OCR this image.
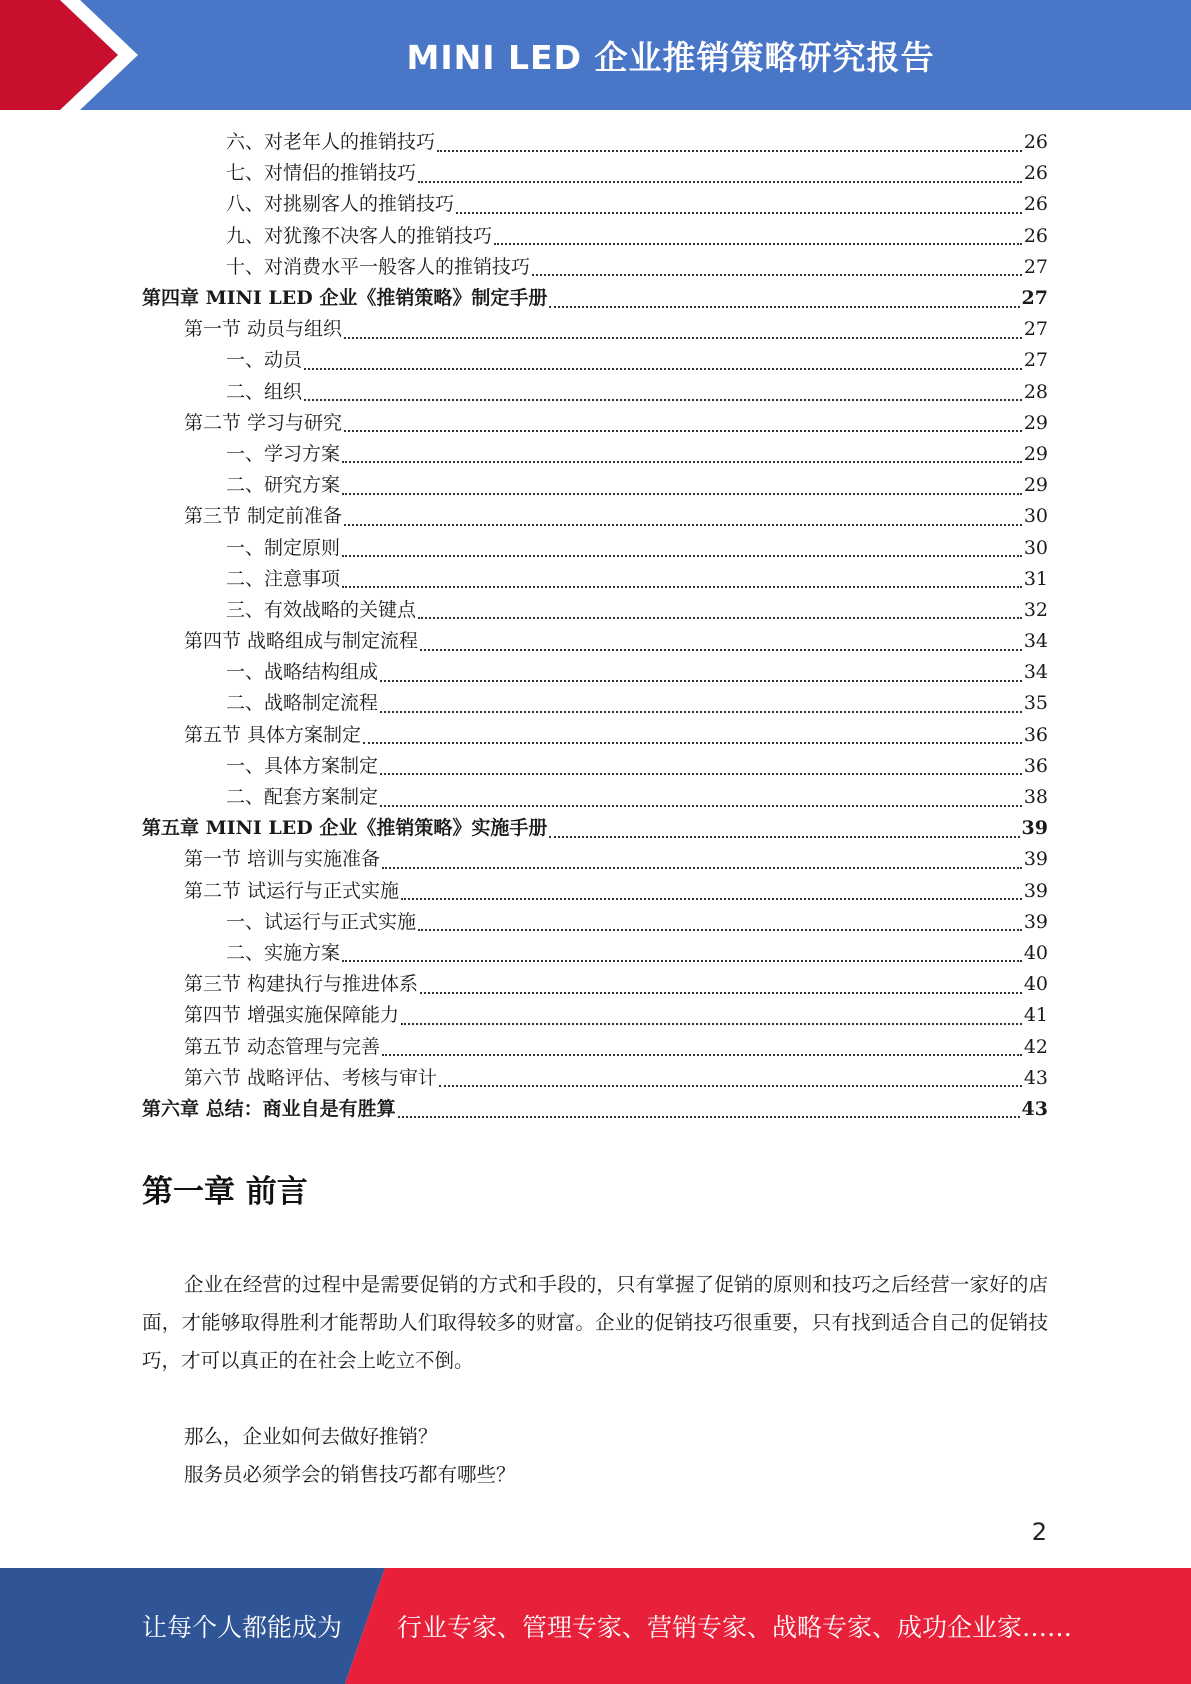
MINI LED 企业推销策略研究报告
六、对老年人的推销技巧	26
七、对情侣的推销技巧	26
八、对挑剔客人的推销技巧	26
九、对犹豫不决客人的推销技巧	26
十、对消费水平一般客人的推销技巧	27
第四章 MINI LED 企业《推销策略》制定手册	27
第一节 动员与组织	27
一、动员	27
二、组织	28
第二节 学习与研究	29
一、学习方案	29
二、研究方案	29
第三节 制定前准备	30
一、制定原则	30
二、注意事项	31
三、有效战略的关键点	32
第四节 战略组成与制定流程	34
一、战略结构组成	34
二、战略制定流程	35
第五节 具体方案制定	36
一、具体方案制定	36
二、配套方案制定	38
第五章 MINI LED 企业《推销策略》实施手册	39
第一节 培训与实施准备	39
第二节 试运行与正式实施	39
一、试运行与正式实施	39
二、实施方案	40
第三节 构建执行与推进体系	40
第四节 增强实施保障能力	41
第五节 动态管理与完善	42
第六节 战略评估、考核与审计	43
第六章 总结：商业自是有胜算	43
第一章 前言
企业在经营的过程中是需要促销的方式和手段的，只有掌握了促销的原则和技巧之后经营一家好的店面，才能够取得胜利才能帮助人们取得较多的财富。企业的促销技巧很重要，只有找到适合自己的促销技巧，才可以真正的在社会上屹立不倒。
那么，企业如何去做好推销？
服务员必须学会的销售技巧都有哪些？
2
让每个人都能成为 行业专家、管理专家、营销专家、战略专家、成功企业家……
